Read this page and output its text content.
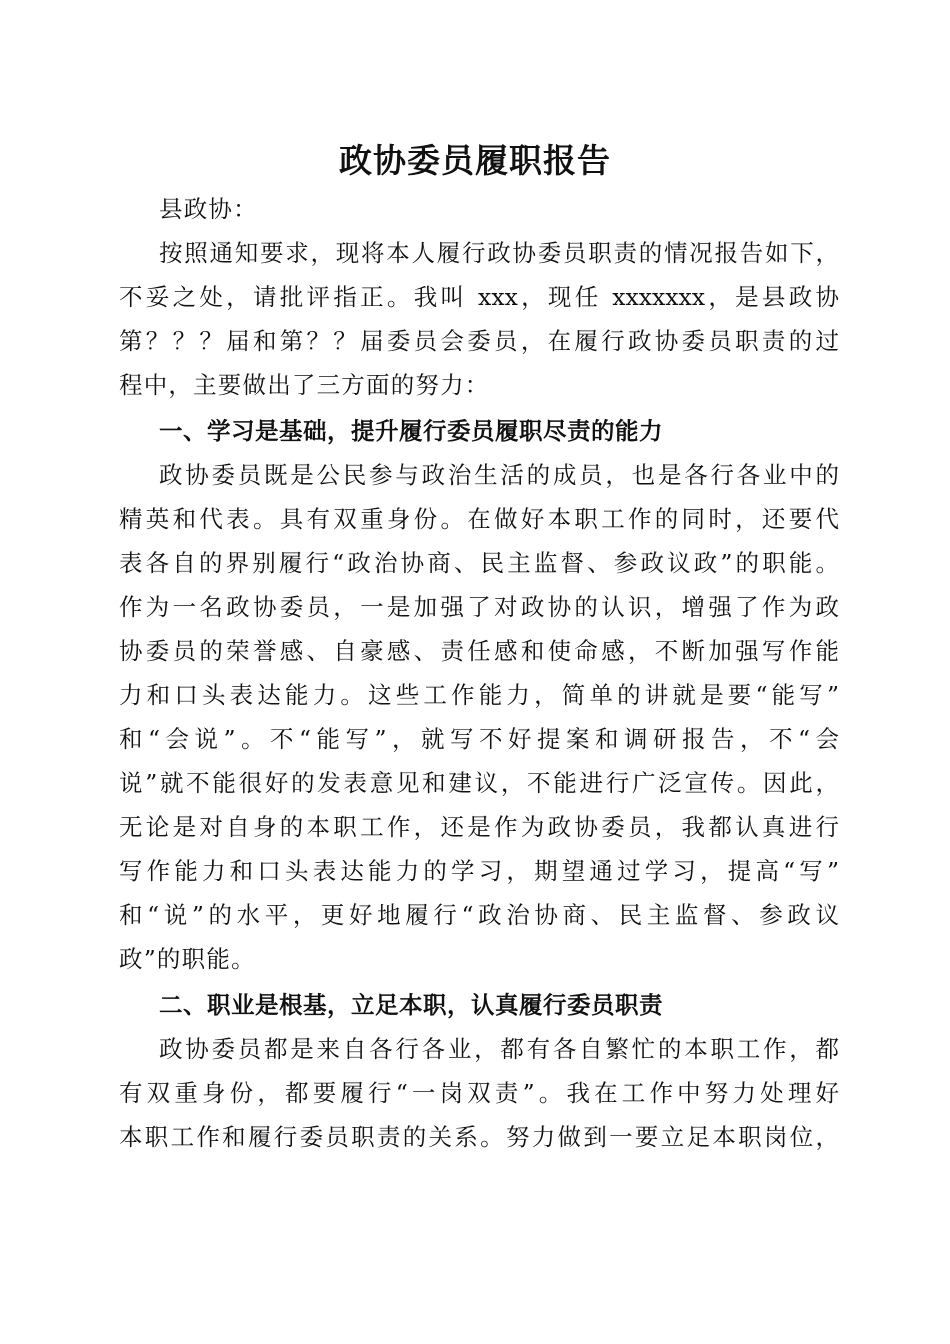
政协委员履职报告
县政协：
按照通知要求，现将本人履行政协委员职责的情况报告如下，
不妥之处，请批评指正。我叫 xxx，现任 xxxxxxx，是县政协
第？？？届和第？？届委员会委员，在履行政协委员职责的过
程中，主要做出了三方面的努力：
一、学习是基础，提升履行委员履职尽责的能力
政协委员既是公民参与政治生活的成员，也是各行各业中的
精英和代表。具有双重身份。在做好本职工作的同时，还要代
表各自的界别履行“政治协商、民主监督、参政议政”的职能。
作为一名政协委员，一是加强了对政协的认识，增强了作为政
协委员的荣誉感、自豪感、责任感和使命感，不断加强写作能
力和口头表达能力。这些工作能力，简单的讲就是要“能写”
和“会说”。不“能写”，就写不好提案和调研报告，不“会
说”就不能很好的发表意见和建议，不能进行广泛宣传。因此，
无论是对自身的本职工作，还是作为政协委员，我都认真进行
写作能力和口头表达能力的学习，期望通过学习，提高“写”
和“说”的水平，更好地履行“政治协商、民主监督、参政议
政”的职能。
二、职业是根基，立足本职，认真履行委员职责
政协委员都是来自各行各业，都有各自繁忙的本职工作，都
有双重身份，都要履行“一岗双责”。我在工作中努力处理好
本职工作和履行委员职责的关系。努力做到一要立足本职岗位，
